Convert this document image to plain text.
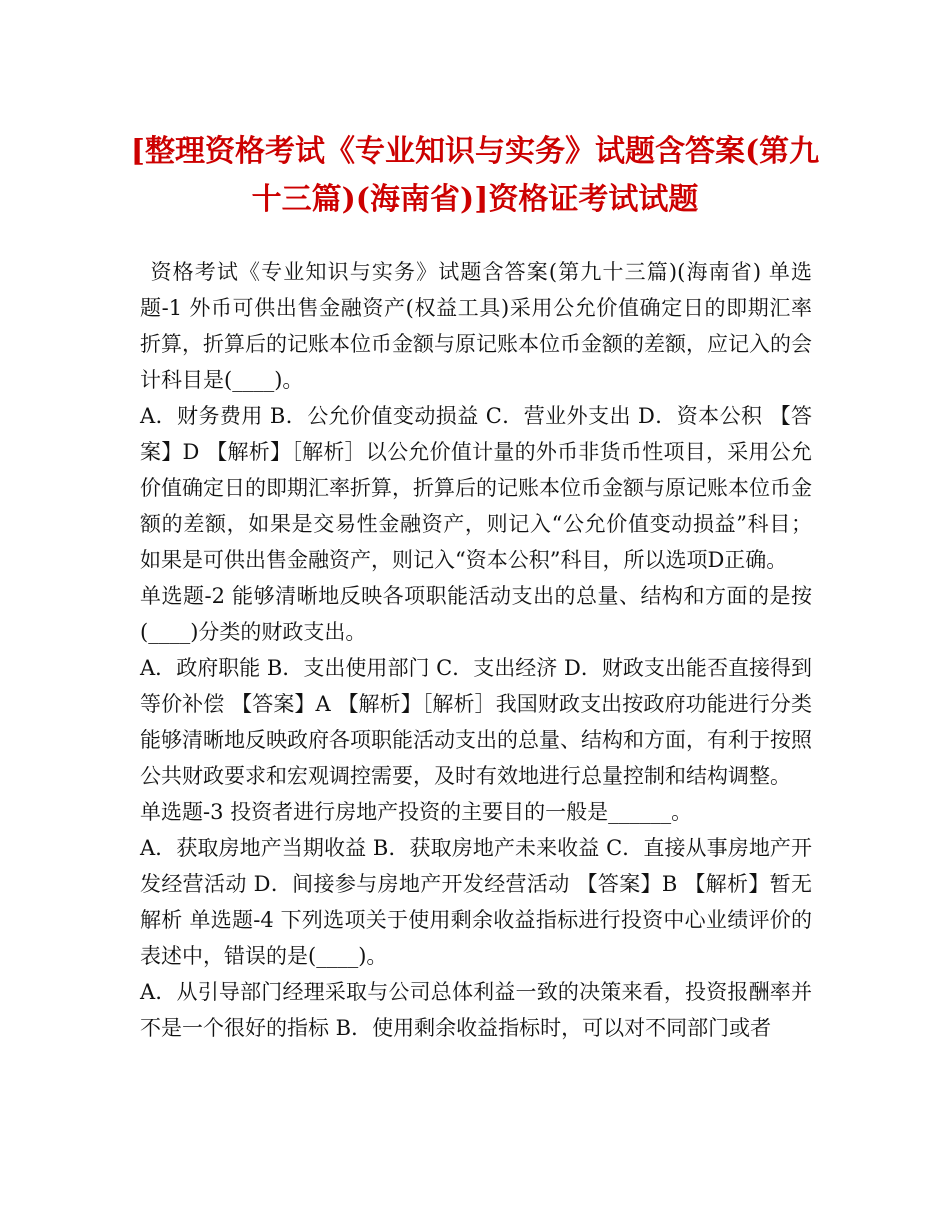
[整理资格考试《专业知识与实务》试题含答案(第九十三篇)(海南省)]资格证考试试题

资格考试《专业知识与实务》试题含答案(第九十三篇)(海南省) 单选题-1 外币可供出售金融资产(权益工具)采用公允价值确定日的即期汇率折算，折算后的记账本位币金额与原记账本位币金额的差额，应记入的会计科目是(____)。

A．财务费用 B．公允价值变动损益 C．营业外支出 D．资本公积 【答案】D 【解析】［解析］以公允价值计量的外币非货币性项目，采用公允价值确定日的即期汇率折算，折算后的记账本位币金额与原记账本位币金额的差额，如果是交易性金融资产，则记入“公允价值变动损益”科目；如果是可供出售金融资产，则记入“资本公积”科目，所以选项D正确。

单选题-2 能够清晰地反映各项职能活动支出的总量、结构和方面的是按(____)分类的财政支出。

A．政府职能 B．支出使用部门 C．支出经济 D．财政支出能否直接得到等价补偿 【答案】A 【解析】［解析］我国财政支出按政府功能进行分类能够清晰地反映政府各项职能活动支出的总量、结构和方面，有利于按照公共财政要求和宏观调控需要，及时有效地进行总量控制和结构调整。

单选题-3 投资者进行房地产投资的主要目的一般是______。

A．获取房地产当期收益 B．获取房地产未来收益 C．直接从事房地产开发经营活动 D．间接参与房地产开发经营活动 【答案】B 【解析】暂无解析 单选题-4 下列选项关于使用剩余收益指标进行投资中心业绩评价的表述中，错误的是(____)。

A．从引导部门经理采取与公司总体利益一致的决策来看，投资报酬率并不是一个很好的指标 B．使用剩余收益指标时，可以对不同部门或者
